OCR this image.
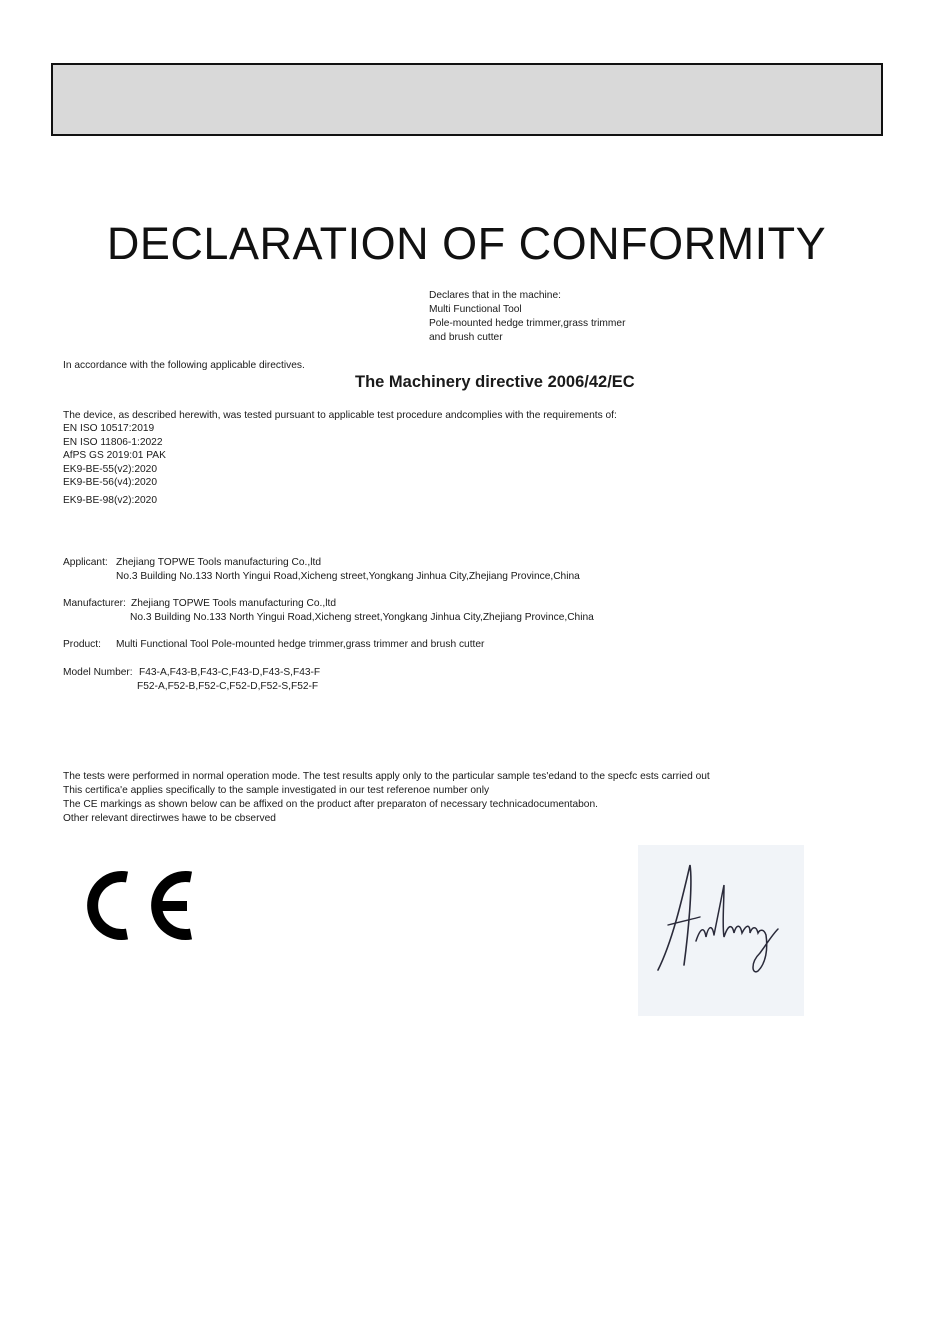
DECLARATION OF CONFORMITY
Declares that in the machine:
Multi Functional Tool
Pole-mounted hedge trimmer,grass trimmer
and brush cutter
In accordance with the following applicable directives.
The Machinery directive 2006/42/EC
The device, as described herewith, was tested pursuant to applicable test procedure andcomplies with the requirements of:
EN ISO 10517:2019
EN ISO 11806-1:2022
AfPS GS 2019:01 PAK
EK9-BE-55(v2):2020
EK9-BE-56(v4):2020
EK9-BE-98(v2):2020
Applicant: Zhejiang TOPWE Tools manufacturing Co.,ltd
No.3 Building No.133 North Yingui Road,Xicheng street,Yongkang Jinhua City,Zhejiang Province,China
Manufacturer: Zhejiang TOPWE Tools manufacturing Co.,ltd
No.3 Building No.133 North Yingui Road,Xicheng street,Yongkang Jinhua City,Zhejiang Province,China
Product: Multi Functional Tool Pole-mounted hedge trimmer,grass trimmer and brush cutter
Model Number: F43-A,F43-B,F43-C,F43-D,F43-S,F43-F
F52-A,F52-B,F52-C,F52-D,F52-S,F52-F
The tests were performed in normal operation mode. The test results apply only to the particular sample tes'edand to the specfc ests carried out
This certifica'e applies specifically to the sample investigated in our test referenoe number only
The CE markings as shown below can be affixed on the product after preparaton of necessary technicadocumentabon.
Other relevant directirwes hawe to be cbserved
